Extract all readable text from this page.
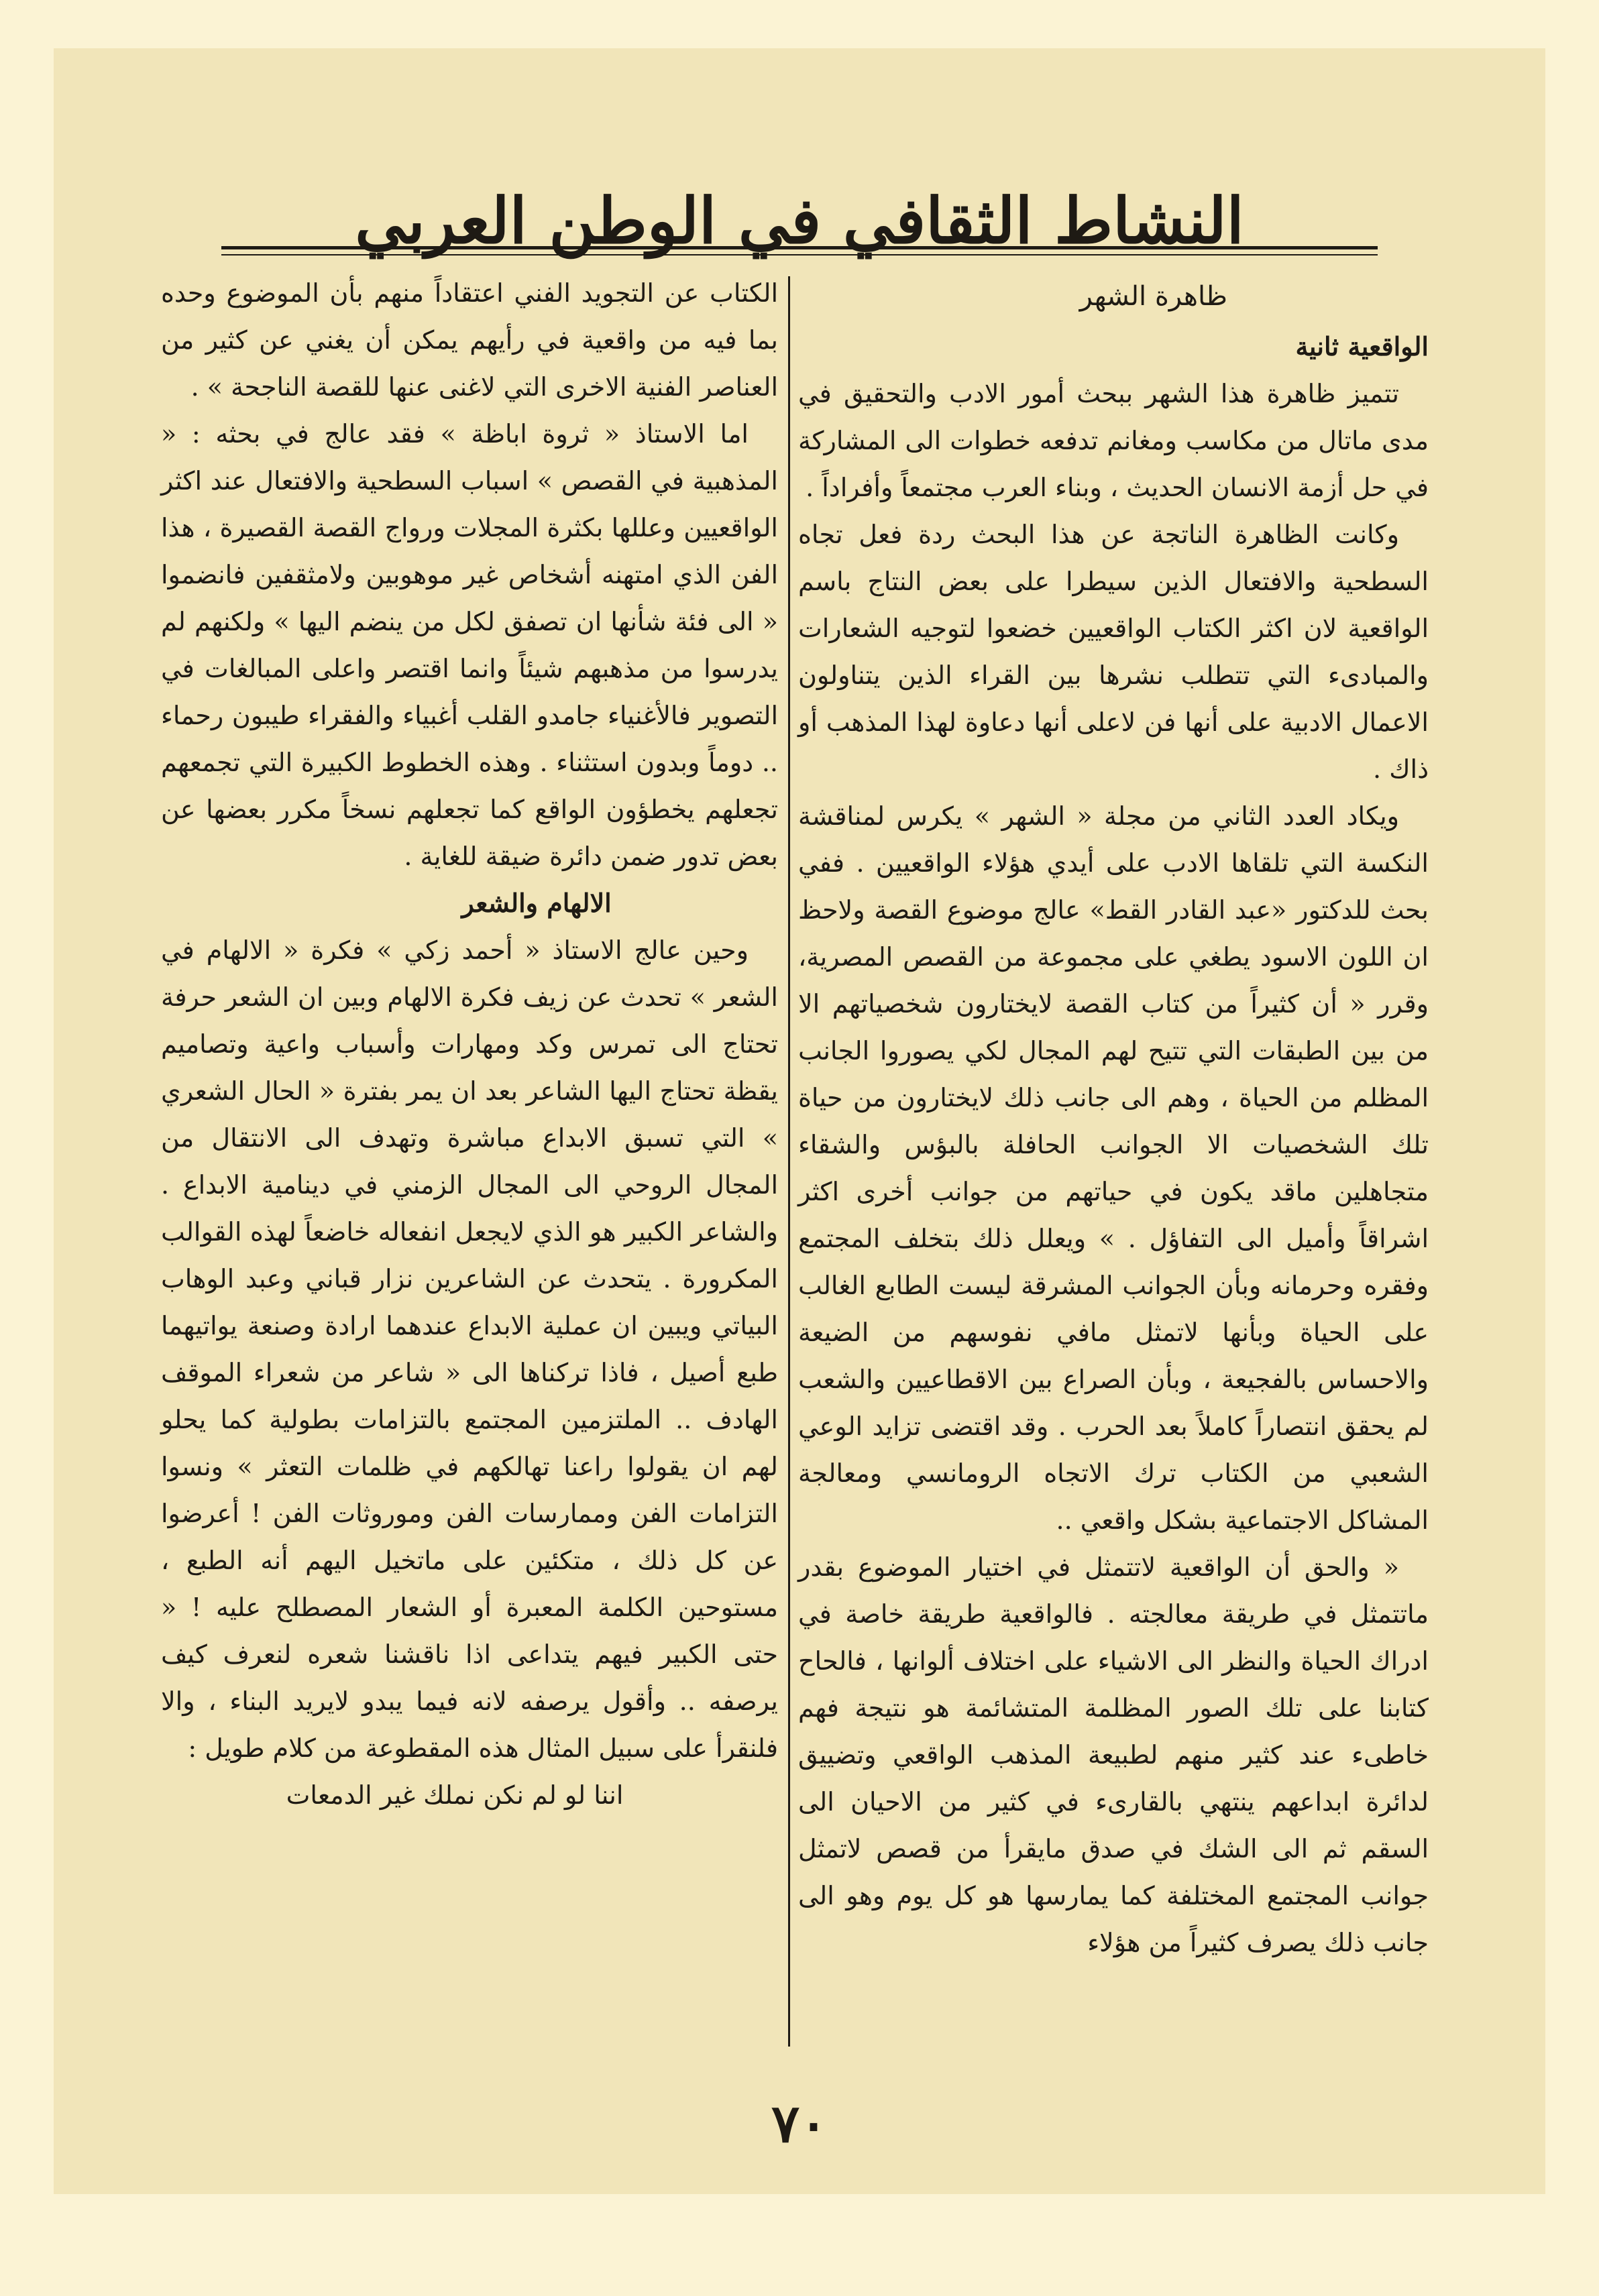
النشاط الثقافي في الوطن العربي
ظاهرة الشهر
الواقعية ثانية

تتميز ظاهرة هذا الشهر ببحث أمور الادب والتحقيق في مدى ماتال من مكاسب ومغانم تدفعه خطوات الى المشاركة في حل أزمة الانسان الحديث ، وبناء العرب مجتمعاً وأفراداً .

وكانت الظاهرة الناتجة عن هذا البحث ردة فعل تجاه السطحية والافتعال الذين سيطرا على بعض النتاج باسم الواقعية لان اكثر الكتاب الواقعيين خضعوا لتوجيه الشعارات والمبادىء التي تتطلب نشرها بين القراء الذين يتناولون الاعمال الادبية على أنها فن لاعلى أنها دعاوة لهذا المذهب أو ذاك .

ويكاد العدد الثاني من مجلة « الشهر » يكرس لمناقشة النكسة التي تلقاها الادب على أيدي هؤلاء الواقعيين . ففي بحث للدكتور «عبد القادر القط» عالج موضوع القصة ولاحظ ان اللون الاسود يطغي على مجموعة من القصص المصرية، وقرر « أن كثيراً من كتاب القصة لايختارون شخصياتهم الا من بين الطبقات التي تتيح لهم المجال لكي يصوروا الجانب المظلم من الحياة ، وهم الى جانب ذلك لايختارون من حياة تلك الشخصيات الا الجوانب الحافلة بالبؤس والشقاء متجاهلين ماقد يكون في حياتهم من جوانب أخرى اكثر اشراقاً وأميل الى التفاؤل . » ويعلل ذلك بتخلف المجتمع وفقره وحرمانه وبأن الجوانب المشرقة ليست الطابع الغالب على الحياة وبأنها لاتمثل مافي نفوسهم من الضيعة والاحساس بالفجيعة ، وبأن الصراع بين الاقطاعيين والشعب لم يحقق انتصاراً كاملاً بعد الحرب . وقد اقتضى تزايد الوعي الشعبي من الكتاب ترك الاتجاه الرومانسي ومعالجة المشاكل الاجتماعية بشكل واقعي ..

« والحق أن الواقعية لاتتمثل في اختيار الموضوع بقدر ماتتمثل في طريقة معالجته . فالواقعية طريقة خاصة في ادراك الحياة والنظر الى الاشياء على اختلاف ألوانها ، فالحاح كتابنا على تلك الصور المظلمة المتشائمة هو نتيجة فهم خاطىء عند كثير منهم لطبيعة المذهب الواقعي وتضييق لدائرة ابداعهم ينتهي بالقارىء في كثير من الاحيان الى السقم ثم الى الشك في صدق مايقرأ من قصص لاتمثل جوانب المجتمع المختلفة كما يمارسها هو كل يوم وهو الى جانب ذلك يصرف كثيراً من هؤلاء

الكتاب عن التجويد الفني اعتقاداً منهم بأن الموضوع وحده بما فيه من واقعية في رأيهم يمكن أن يغني عن كثير من العناصر الفنية الاخرى التي لاغنى عنها للقصة الناجحة » .

اما الاستاذ « ثروة اباظة » فقد عالج في بحثه : « المذهبية في القصص » اسباب السطحية والافتعال عند اكثر الواقعيين وعللها بكثرة المجلات ورواج القصة القصيرة ، هذا الفن الذي امتهنه أشخاص غير موهوبين ولامثقفين فانضموا « الى فئة شأنها ان تصفق لكل من ينضم اليها » ولكنهم لم يدرسوا من مذهبهم شيئاً وانما اقتصر واعلى المبالغات في التصوير فالأغنياء جامدو القلب أغبياء والفقراء طيبون رحماء .. دوماً وبدون استثناء . وهذه الخطوط الكبيرة التي تجمعهم تجعلهم يخطؤون الواقع كما تجعلهم نسخاً مكرر بعضها عن بعض تدور ضمن دائرة ضيقة للغاية .

الالهام والشعر

وحين عالج الاستاذ « أحمد زكي » فكرة « الالهام في الشعر » تحدث عن زيف فكرة الالهام وبين ان الشعر حرفة تحتاج الى تمرس وكد ومهارات وأسباب واعية وتصاميم يقظة تحتاج اليها الشاعر بعد ان يمر بفترة « الحال الشعري » التي تسبق الابداع مباشرة وتهدف الى الانتقال من المجال الروحي الى المجال الزمني في دينامية الابداع . والشاعر الكبير هو الذي لايجعل انفعاله خاضعاً لهذه القوالب المكرورة . يتحدث عن الشاعرين نزار قباني وعبد الوهاب البياتي ويبين ان عملية الابداع عندهما ارادة وصنعة يواتيهما طبع أصيل ، فاذا تركناها الى « شاعر من شعراء الموقف الهادف .. الملتزمين المجتمع بالتزامات بطولية كما يحلو لهم ان يقولوا راعنا تهالكهم في ظلمات التعثر » ونسوا التزامات الفن وممارسات الفن وموروثات الفن ! أعرضوا عن كل ذلك ، متكئين على ماتخيل اليهم أنه الطبع ، مستوحين الكلمة المعبرة أو الشعار المصطلح عليه ! « حتى الكبير فيهم يتداعى اذا ناقشنا شعره لنعرف كيف يرصفه .. وأقول يرصفه لانه فيما يبدو لايريد البناء ، والا فلنقرأ على سبيل المثال هذه المقطوعة من كلام طويل :

اننا لو لم نكن نملك غير الدمعات

٧٠
